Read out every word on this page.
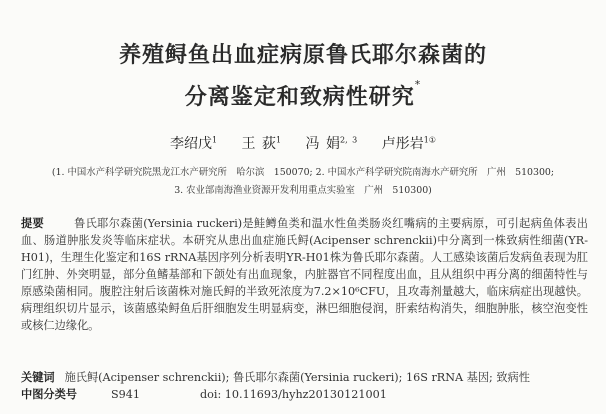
养殖鲟鱼出血症病原鲁氏耶尔森菌的
分离鉴定和致病性研究*
李绍戊$^1$ 王 荻$^1$ 冯 娟$^{2, 3}$ 卢彤岩$^{1①}$
(1. 中国水产科学研究院黑龙江水产研究所　哈尔滨　150070; 2. 中国水产科学研究院南海水产研究所　广州　510300;
3. 农业部南海渔业资源开发利用重点实验室　广州　510300)
提要	鲁氏耶尔森菌(Yersinia ruckeri)是鲑鳟鱼类和温水性鱼类肠炎红嘴病的主要病原，可引起病鱼体表出血、肠道肿胀发炎等临床症状。本研究从患出血症施氏鲟(Acipenser schrenckii)中分离到一株致病性细菌(YR-H01)，生理生化鉴定和16S rRNA基因序列分析表明YR-H01株为鲁氏耶尔森菌。人工感染该菌后发病鱼表现为肛门红肿、外突明显，部分鱼鳍基部和下颌处有出血现象，内脏器官不同程度出血，且从组织中再分离的细菌特性与原感染菌相同。腹腔注射后该菌株对施氏鲟的半致死浓度为7.2×10⁶CFU，且攻毒剂量越大，临床病症出现越快。病理组织切片显示，该菌感染鲟鱼后肝细胞发生明显病变，淋巴细胞侵润，肝索结构消失，细胞肿胀，核空泡变性或核仁边缘化。
关键词 施氏鲟(Acipenser schrenckii); 鲁氏耶尔森菌(Yersinia ruckeri); 16S rRNA 基因; 致病性
中图分类号	S941	doi: 10.11693/hyhz20130121001
